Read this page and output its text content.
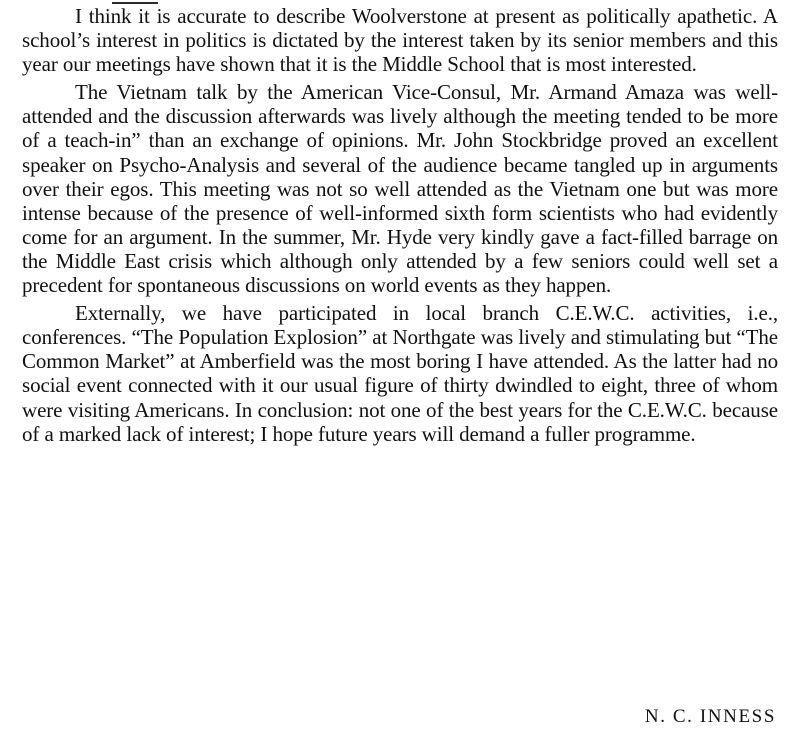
I think it is accurate to describe Woolverstone at present as politically apathetic. A school’s interest in politics is dictated by the interest taken by its senior members and this year our meetings have shown that it is the Middle School that is most interested.

The Vietnam talk by the American Vice-Consul, Mr. Armand Amaza was well-attended and the discussion afterwards was lively although the meeting tended to be more of a teach-in” than an exchange of opinions. Mr. John Stockbridge proved an excellent speaker on Psycho-Analysis and several of the audience became tangled up in arguments over their egos. This meeting was not so well attended as the Vietnam one but was more intense because of the presence of well-informed sixth form scientists who had evidently come for an argument. In the summer, Mr. Hyde very kindly gave a fact-filled barrage on the Middle East crisis which although only attended by a few seniors could well set a precedent for spontaneous discussions on world events as they happen.

Externally, we have participated in local branch C.E.W.C. activities, i.e., conferences. “The Population Explosion” at Northgate was lively and stimulating but “The Common Market” at Amberfield was the most boring I have attended. As the latter had no social event connected with it our usual figure of thirty dwindled to eight, three of whom were visiting Americans. In conclusion: not one of the best years for the C.E.W.C. because of a marked lack of interest; I hope future years will demand a fuller programme.

N. C. INNESS
